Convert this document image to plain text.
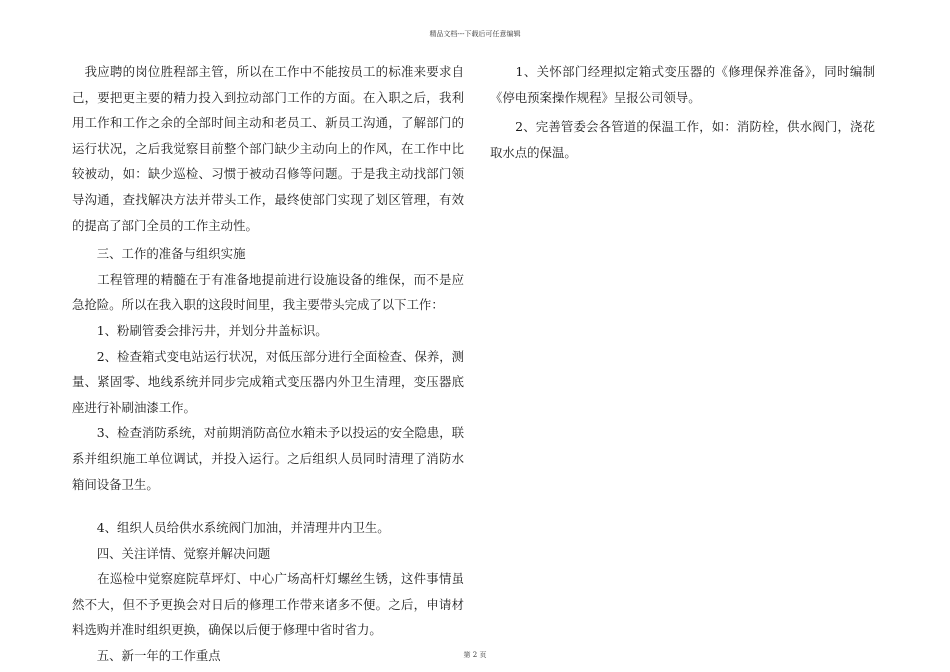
精品文档---下载后可任意编辑

　我应聘的岗位胜程部主管，所以在工作中不能按员工的标准来要求自己，要把更主要的精力投入到拉动部门工作的方面。在入职之后，我利用工作和工作之余的全部时间主动和老员工、新员工沟通，了解部门的运行状况，之后我觉察目前整个部门缺少主动向上的作风，在工作中比较被动，如：缺少巡检、习惯于被动召修等问题。于是我主动找部门领导沟通，查找解决方法并带头工作，最终使部门实现了划区管理，有效的提高了部门全员的工作主动性。

　　三、工作的准备与组织实施

　　工程管理的精髓在于有准备地提前进行设施设备的维保，而不是应急抢险。所以在我入职的这段时间里，我主要带头完成了以下工作：

　　1、粉刷管委会排污井，并划分井盖标识。

　　2、检查箱式变电站运行状况，对低压部分进行全面检查、保养，测量、紧固零、地线系统并同步完成箱式变压器内外卫生清理，变压器底座进行补刷油漆工作。

　　3、检查消防系统，对前期消防高位水箱未予以投运的安全隐患，联系并组织施工单位调试，并投入运行。之后组织人员同时清理了消防水箱间设备卫生。

　　4、组织人员给供水系统阀门加油，并清理井内卫生。

　　四、关注详情、觉察并解决问题

　　在巡检中觉察庭院草坪灯、中心广场高杆灯螺丝生锈，这件事情虽然不大，但不予更换会对日后的修理工作带来诸多不便。之后，申请材料选购并准时组织更换，确保以后便于修理中省时省力。

　　五、新一年的工作重点

　　1、关怀部门经理拟定箱式变压器的《修理保养准备》，同时编制《停电预案操作规程》呈报公司领导。

　　2、完善管委会各管道的保温工作，如：消防栓，供水阀门，浇花取水点的保温。

第 2 页
